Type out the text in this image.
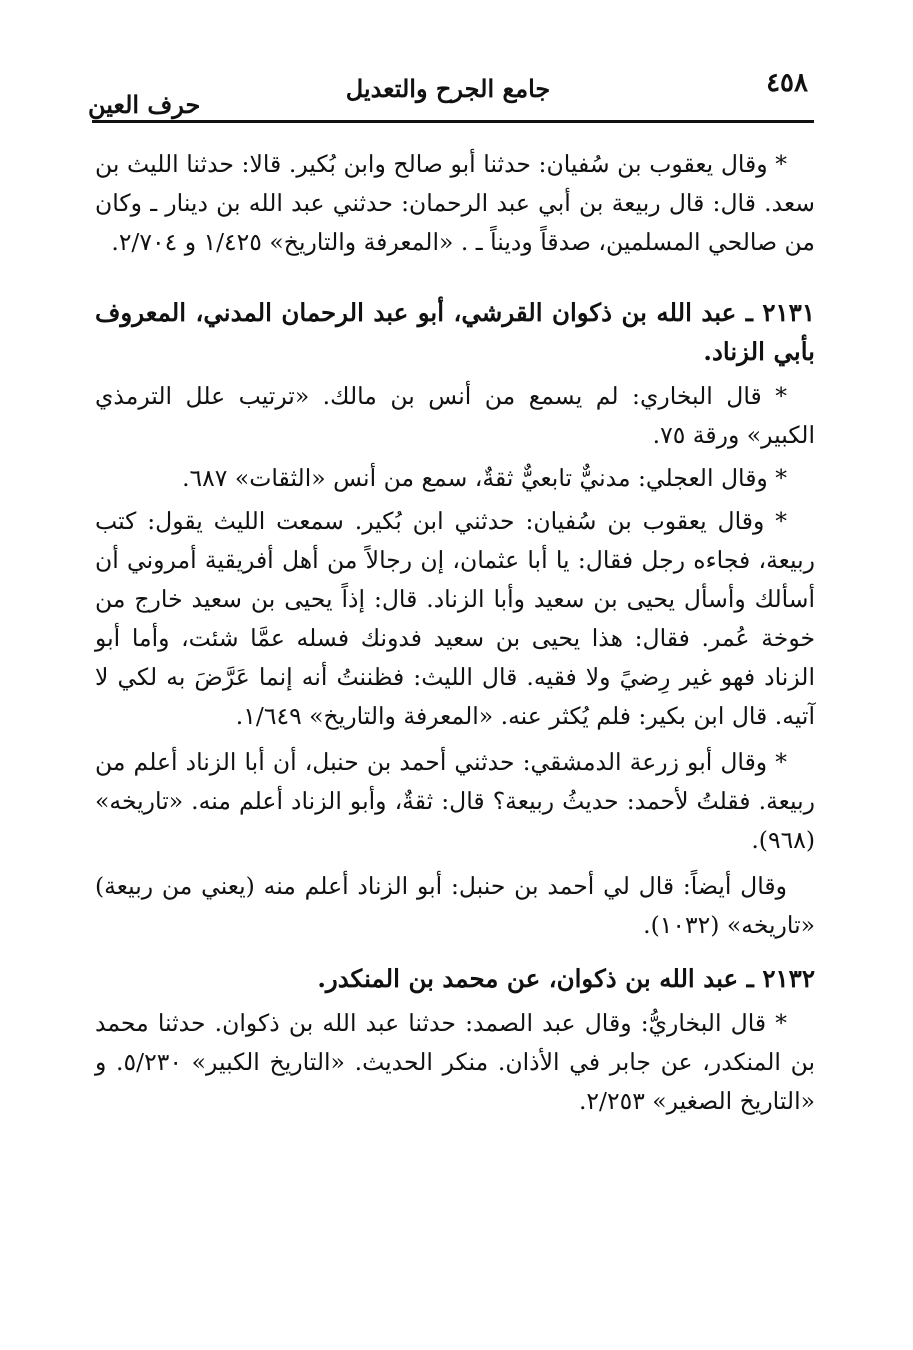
٤٥٨
جامع الجرح والتعديل
حرف العين

* وقال يعقوب بن سُفيان: حدثنا أبو صالح وابن بُكير. قالا: حدثنا الليث بن سعد. قال: قال ربيعة بن أبي عبد الرحمان: حدثني عبد الله بن دينار ـ وكان من صالحي المسلمين، صدقاً وديناً ـ . «المعرفة والتاريخ» ١/٤٢٥ و ٢/٧٠٤.

٢١٣١ ـ عبد الله بن ذكوان القرشي، أبو عبد الرحمان المدني، المعروف بأبي الزناد.

* قال البخاري: لم يسمع من أنس بن مالك. «ترتيب علل الترمذي الكبير» ورقة ٧٥.

* وقال العجلي: مدنيٌّ تابعيٌّ ثقةٌ، سمع من أنس «الثقات» ٦٨٧.

* وقال يعقوب بن سُفيان: حدثني ابن بُكير. سمعت الليث يقول: كتب ربيعة، فجاءه رجل فقال: يا أبا عثمان، إن رجالاً من أهل أفريقية أمروني أن أسألك وأسأل يحيى بن سعيد وأبا الزناد. قال: إذاً يحيى بن سعيد خارج من خوخة عُمر. فقال: هذا يحيى بن سعيد فدونك فسله عمَّا شئت، وأما أبو الزناد فهو غير رِضيً ولا فقيه. قال الليث: فظننتُ أنه إنما عَرَّضَ به لكي لا آتيه. قال ابن بكير: فلم يُكثر عنه. «المعرفة والتاريخ» ١/٦٤٩.

* وقال أبو زرعة الدمشقي: حدثني أحمد بن حنبل، أن أبا الزناد أعلم من ربيعة. فقلتُ لأحمد: حديثُ ربيعة؟ قال: ثقةٌ، وأبو الزناد أعلم منه. «تاريخه» (٩٦٨).

وقال أيضاً: قال لي أحمد بن حنبل: أبو الزناد أعلم منه (يعني من ربيعة) «تاريخه» (١٠٣٢).

٢١٣٢ ـ عبد الله بن ذكوان، عن محمد بن المنكدر.

* قال البخاريُّ: وقال عبد الصمد: حدثنا عبد الله بن ذكوان. حدثنا محمد بن المنكدر، عن جابر في الأذان. منكر الحديث. «التاريخ الكبير» ٥/٢٣٠. و «التاريخ الصغير» ٢/٢٥٣.
